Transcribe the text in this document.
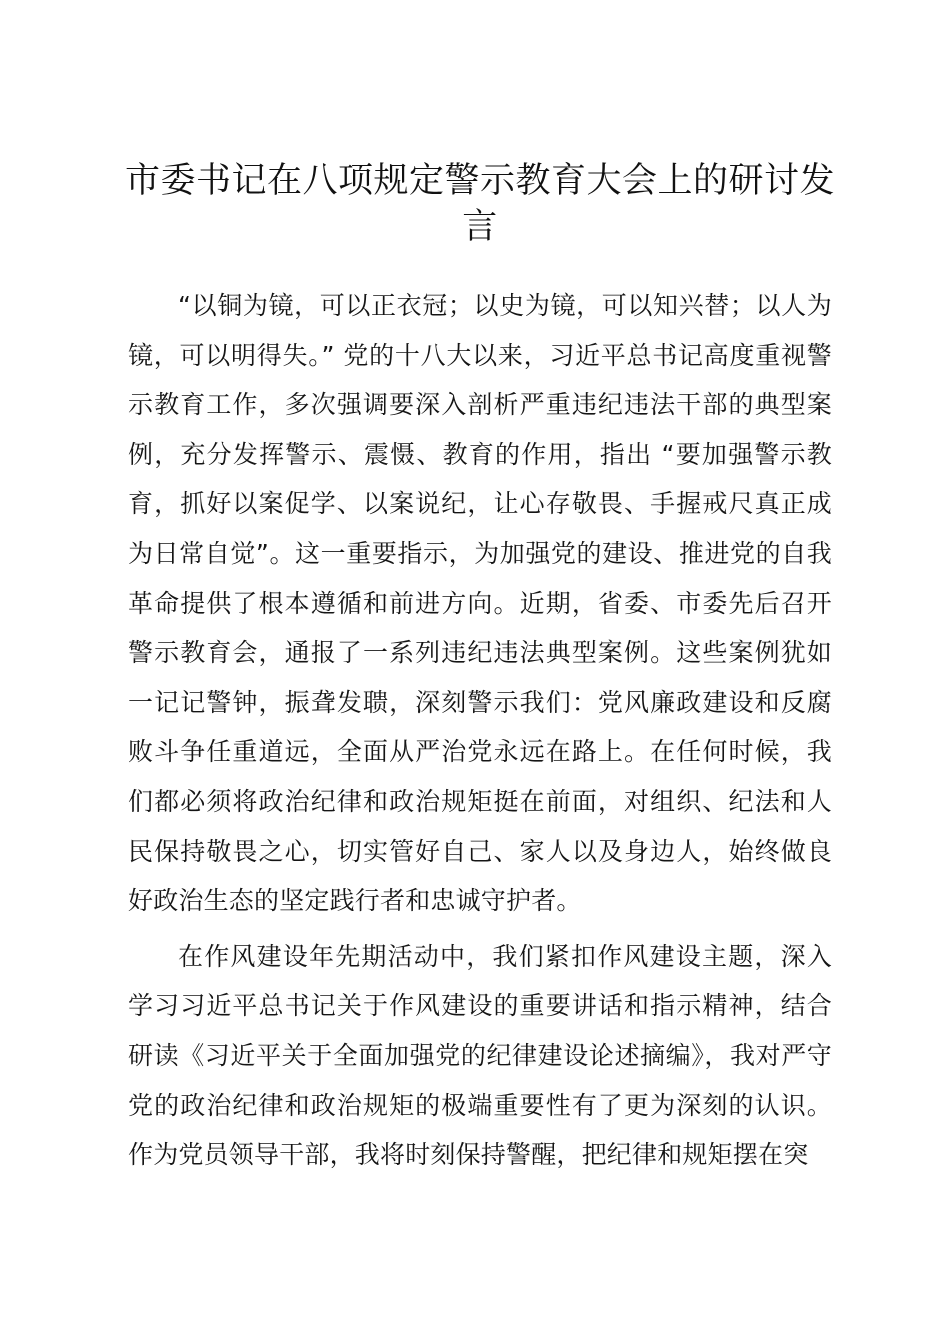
市委书记在八项规定警示教育大会上的研讨发言

“以铜为镜，可以正衣冠；以史为镜，可以知兴替；以人为镜，可以明得失。” 党的十八大以来，习近平总书记高度重视警示教育工作，多次强调要深入剖析严重违纪违法干部的典型案例，充分发挥警示、震慑、教育的作用，指出 “要加强警示教育，抓好以案促学、以案说纪，让心存敬畏、手握戒尺真正成为日常自觉”。这一重要指示，为加强党的建设、推进党的自我革命提供了根本遵循和前进方向。近期，省委、市委先后召开警示教育会，通报了一系列违纪违法典型案例。这些案例犹如一记记警钟，振聋发聩，深刻警示我们：党风廉政建设和反腐败斗争任重道远，全面从严治党永远在路上。在任何时候，我们都必须将政治纪律和政治规矩挺在前面，对组织、纪法和人民保持敬畏之心，切实管好自己、家人以及身边人，始终做良好政治生态的坚定践行者和忠诚守护者。

在作风建设年先期活动中，我们紧扣作风建设主题，深入学习习近平总书记关于作风建设的重要讲话和指示精神，结合研读《习近平关于全面加强党的纪律建设论述摘编》，我对严守党的政治纪律和政治规矩的极端重要性有了更为深刻的认识。作为党员领导干部，我将时刻保持警醒，把纪律和规矩摆在突
